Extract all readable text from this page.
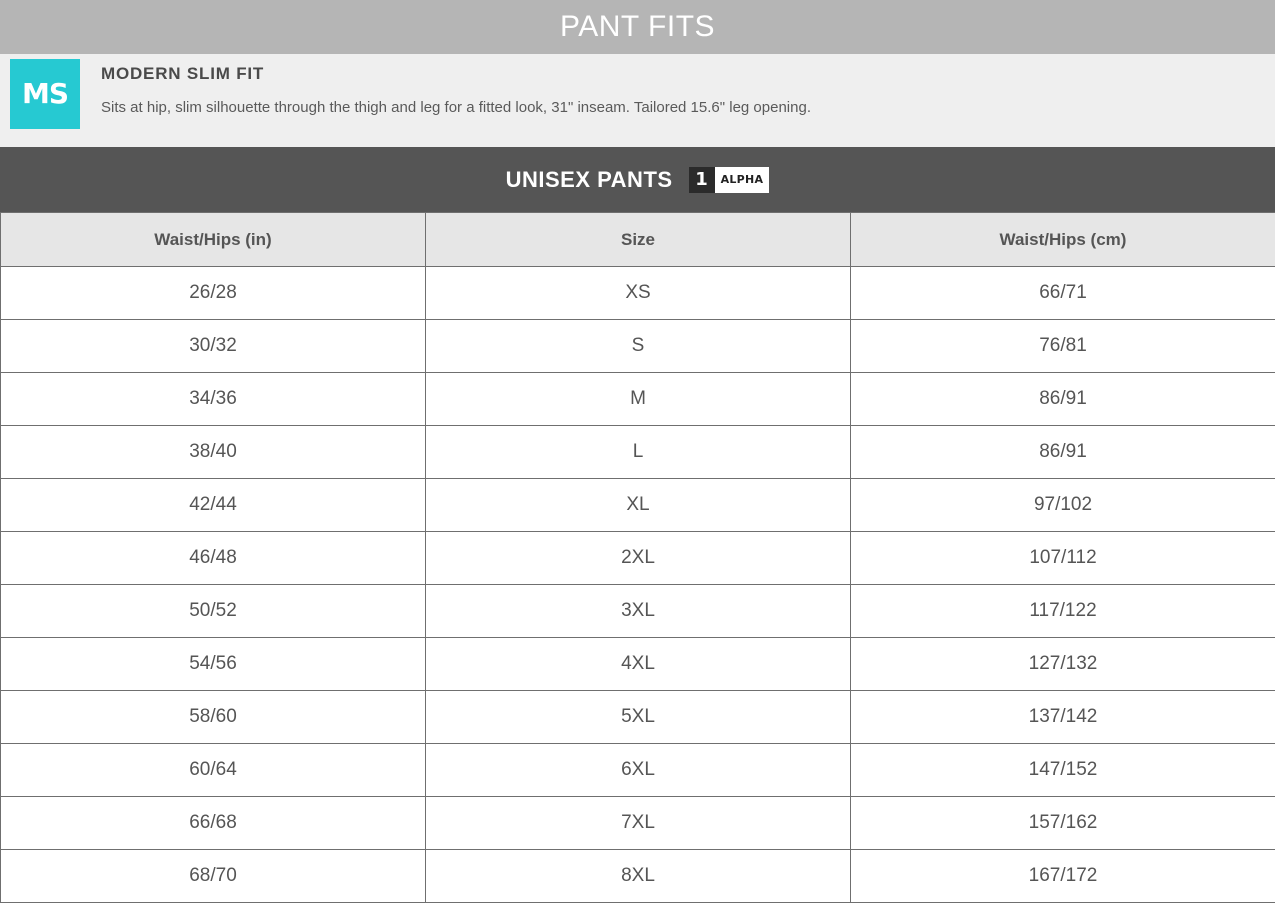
PANT FITS
MS
MODERN SLIM FIT
Sits at hip, slim silhouette through the thigh and leg for a fitted look, 31" inseam. Tailored 15.6" leg opening.
UNISEX PANTS	1	ALPHA
Waist/Hips (in)	Size	Waist/Hips (cm)
26/28	XS	66/71
30/32	S	76/81
34/36	M	86/91
38/40	L	86/91
42/44	XL	97/102
46/48	2XL	107/112
50/52	3XL	117/122
54/56	4XL	127/132
58/60	5XL	137/142
60/64	6XL	147/152
66/68	7XL	157/162
68/70	8XL	167/172
